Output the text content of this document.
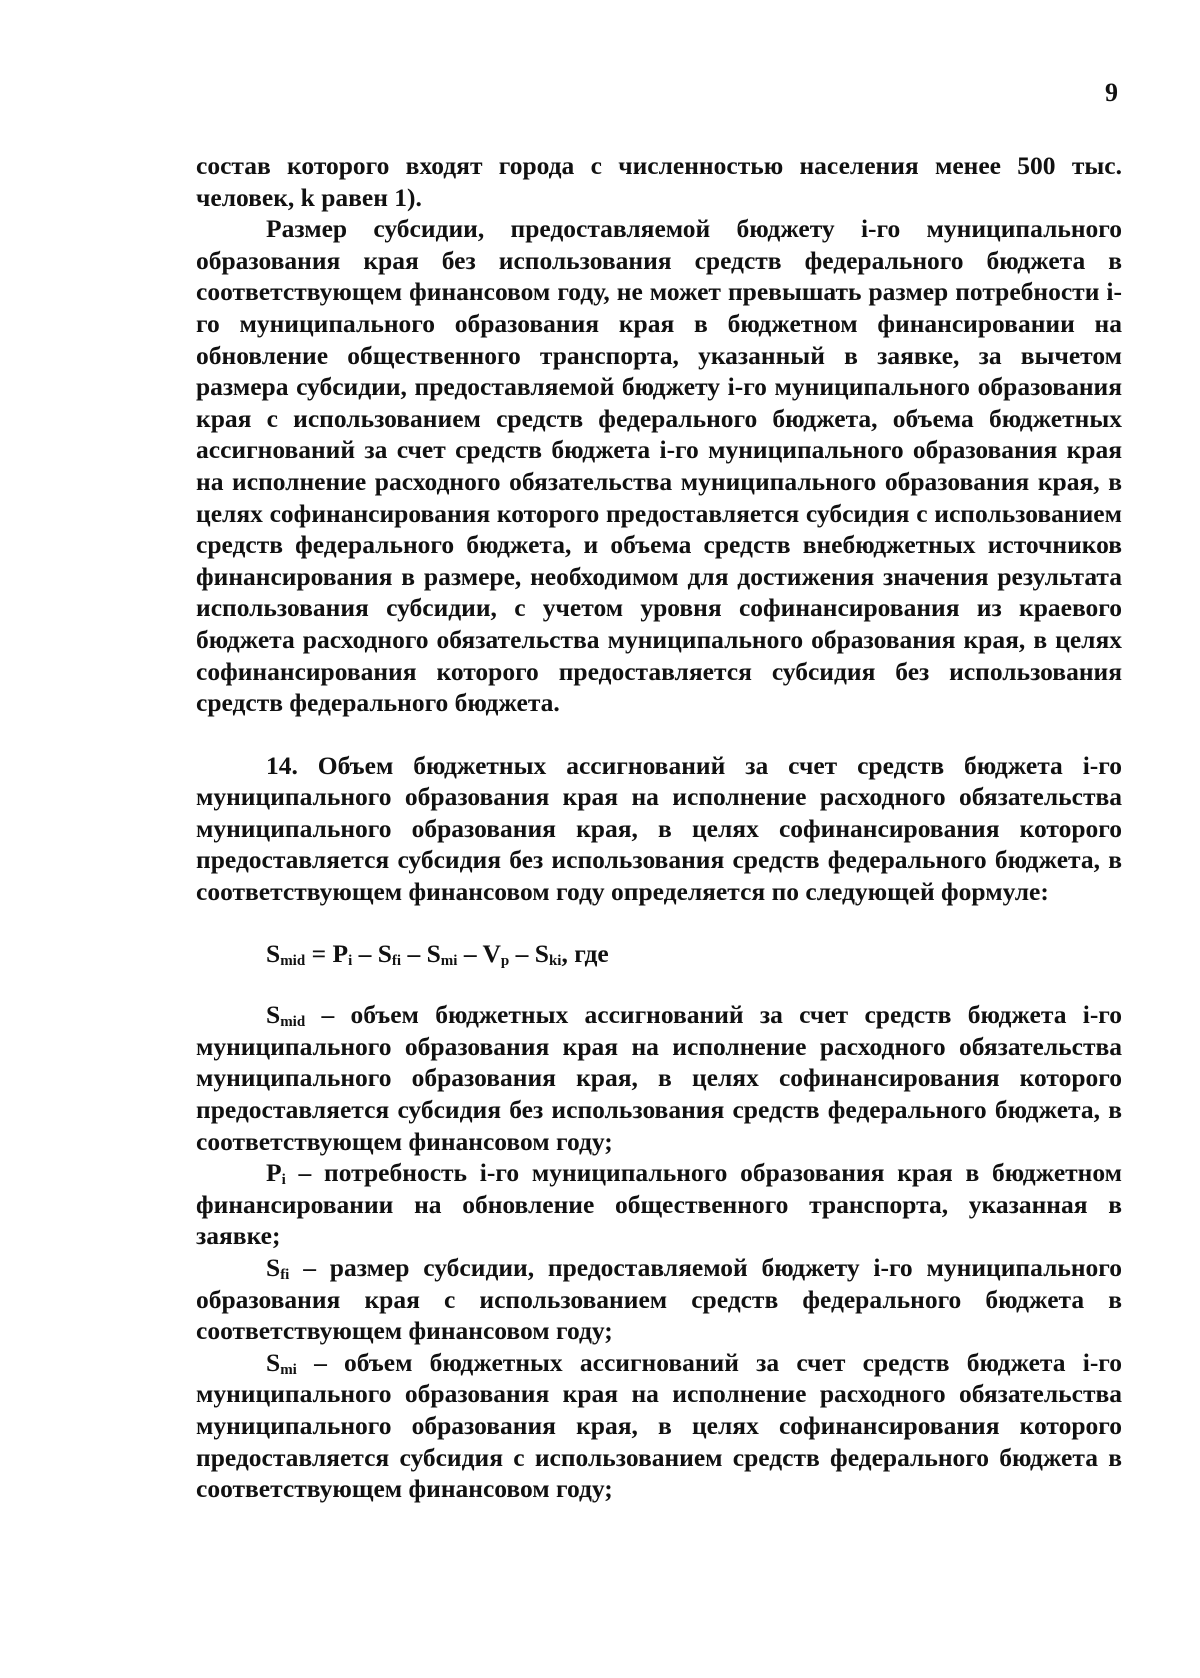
9

состав которого входят города с численностью населения менее 500 тыс. человек, k равен 1).

Размер субсидии, предоставляемой бюджету i-го муниципального образования края без использования средств федерального бюджета в соответствующем финансовом году, не может превышать размер потребности i-го муниципального образования края в бюджетном финансировании на обновление общественного транспорта, указанный в заявке, за вычетом размера субсидии, предоставляемой бюджету i-го муниципального образования края с использованием средств федерального бюджета, объема бюджетных ассигнований за счет средств бюджета i-го муниципального образования края на исполнение расходного обязательства муниципального образования края, в целях софинансирования которого предоставляется субсидия с использованием средств федерального бюджета, и объема средств внебюджетных источников финансирования в размере, необходимом для достижения значения результата использования субсидии, с учетом уровня софинансирования из краевого бюджета расходного обязательства муниципального образования края, в целях софинансирования которого предоставляется субсидия без использования средств федерального бюджета.

14. Объем бюджетных ассигнований за счет средств бюджета i-го муниципального образования края на исполнение расходного обязательства муниципального образования края, в целях софинансирования которого предоставляется субсидия без использования средств федерального бюджета, в соответствующем финансовом году определяется по следующей формуле:

$S_{mid} = P_i - S_{fi} - S_{mi} - V_p - S_{ki}$, где

$S_{mid}$ – объем бюджетных ассигнований за счет средств бюджета i-го муниципального образования края на исполнение расходного обязательства муниципального образования края, в целях софинансирования которого предоставляется субсидия без использования средств федерального бюджета, в соответствующем финансовом году;

$P_i$ – потребность i-го муниципального образования края в бюджетном финансировании на обновление общественного транспорта, указанная в заявке;

$S_{fi}$ – размер субсидии, предоставляемой бюджету i-го муниципального образования края с использованием средств федерального бюджета в соответствующем финансовом году;

$S_{mi}$ – объем бюджетных ассигнований за счет средств бюджета i-го муниципального образования края на исполнение расходного обязательства муниципального образования края, в целях софинансирования которого предоставляется субсидия с использованием средств федерального бюджета в соответствующем финансовом году;
